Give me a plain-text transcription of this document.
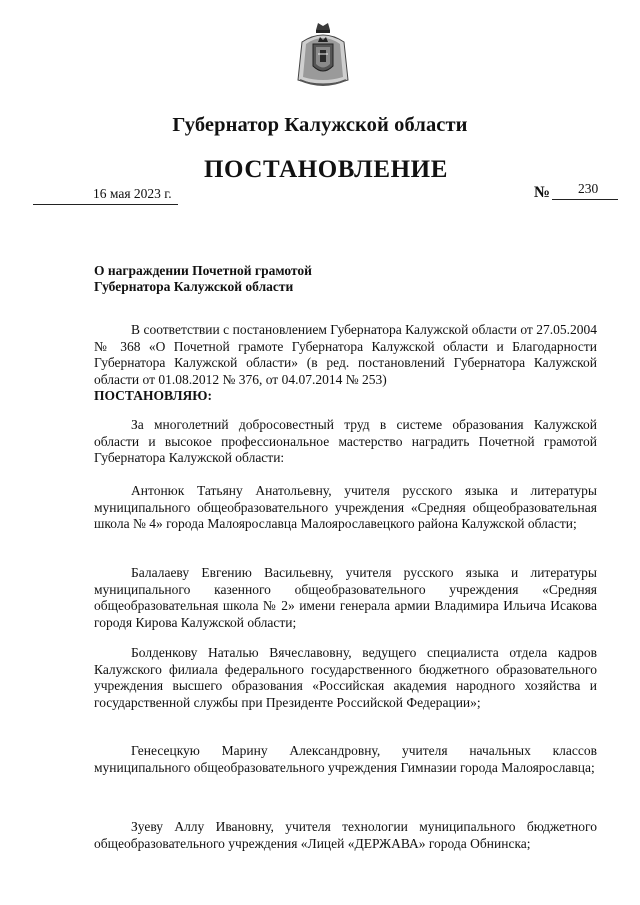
Губернатор Калужской области
ПОСТАНОВЛЕНИЕ
16 мая 2023 г.	№ 230
О награждении Почетной грамотой
Губернатора Калужской области

В соответствии с постановлением Губернатора Калужской области от 27.05.2004 № 368 «О Почетной грамоте Губернатора Калужской области и Благодарности Губернатора Калужской области» (в ред. постановлений Губернатора Калужской области от 01.08.2012 № 376, от 04.07.2014 № 253)
ПОСТАНОВЛЯЮ:

За многолетний добросовестный труд в системе образования Калужской области и высокое профессиональное мастерство наградить Почетной грамотой Губернатора Калужской области:

Антонюк Татьяну Анатольевну, учителя русского языка и литературы муниципального общеобразовательного учреждения «Средняя общеобразовательная школа № 4» города Малоярославца Малоярославецкого района Калужской области;

Балалаеву Евгению Васильевну, учителя русского языка и литературы муниципального казенного общеобразовательного учреждения «Средняя общеобразовательная школа № 2» имени генерала армии Владимира Ильича Исакова городя Кирова Калужской области;

Болденкову Наталью Вячеславовну, ведущего специалиста отдела кадров Калужского филиала федерального государственного бюджетного образовательного учреждения высшего образования «Российская академия народного хозяйства и государственной службы при Президенте Российской Федерации»;

Генесецкую Марину Александровну, учителя начальных классов муниципального общеобразовательного учреждения Гимназии города Малоярославца;

Зуеву Аллу Ивановну, учителя технологии муниципального бюджетного общеобразовательного учреждения «Лицей «ДЕРЖАВА» города Обнинска;
